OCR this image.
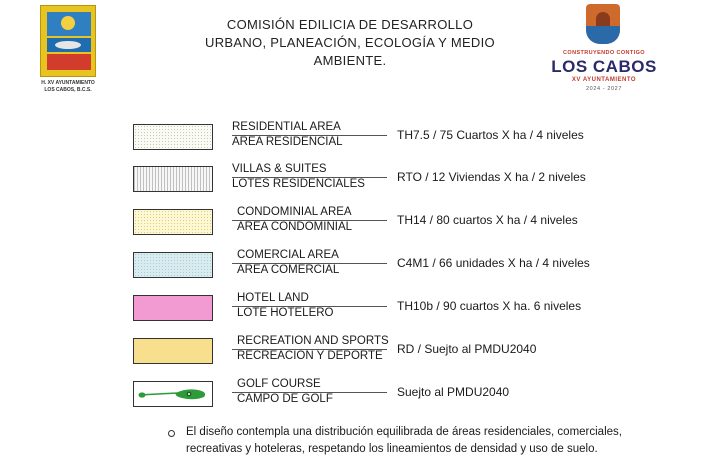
H. XV AYUNTAMIENTO
LOS CABOS, B.C.S.
COMISIÓN EDILICIA DE DESARROLLO
URBANO, PLANEACIÓN, ECOLOGÍA Y MEDIO
AMBIENTE.	CONSTRUYENDO CONTIGO
LOS CABOS
XV AYUNTAMIENTO
2024 - 2027
RESIDENTIAL AREA
AREA RESIDENCIAL	TH7.5 / 75 Cuartos X ha / 4 niveles
VILLAS & SUITES
LOTES RESIDENCIALES	RTO / 12 Viviendas X ha / 2 niveles
CONDOMINIAL AREA
AREA CONDOMINIAL	TH14 / 80 cuartos X ha / 4 niveles
COMERCIAL AREA
AREA COMERCIAL	C4M1 / 66 unidades X ha / 4 niveles
HOTEL LAND
LOTE HOTELERO	TH10b / 90 cuartos X ha. 6 niveles
RECREATION AND SPORTS
RECREACION Y DEPORTE	RD / Suejto al PMDU2040
GOLF COURSE
CAMPO DE GOLF	Suejto al PMDU2040
El diseño contempla una distribución equilibrada de áreas residenciales, comerciales, recreativas y hoteleras, respetando los lineamientos de densidad y uso de suelo.
